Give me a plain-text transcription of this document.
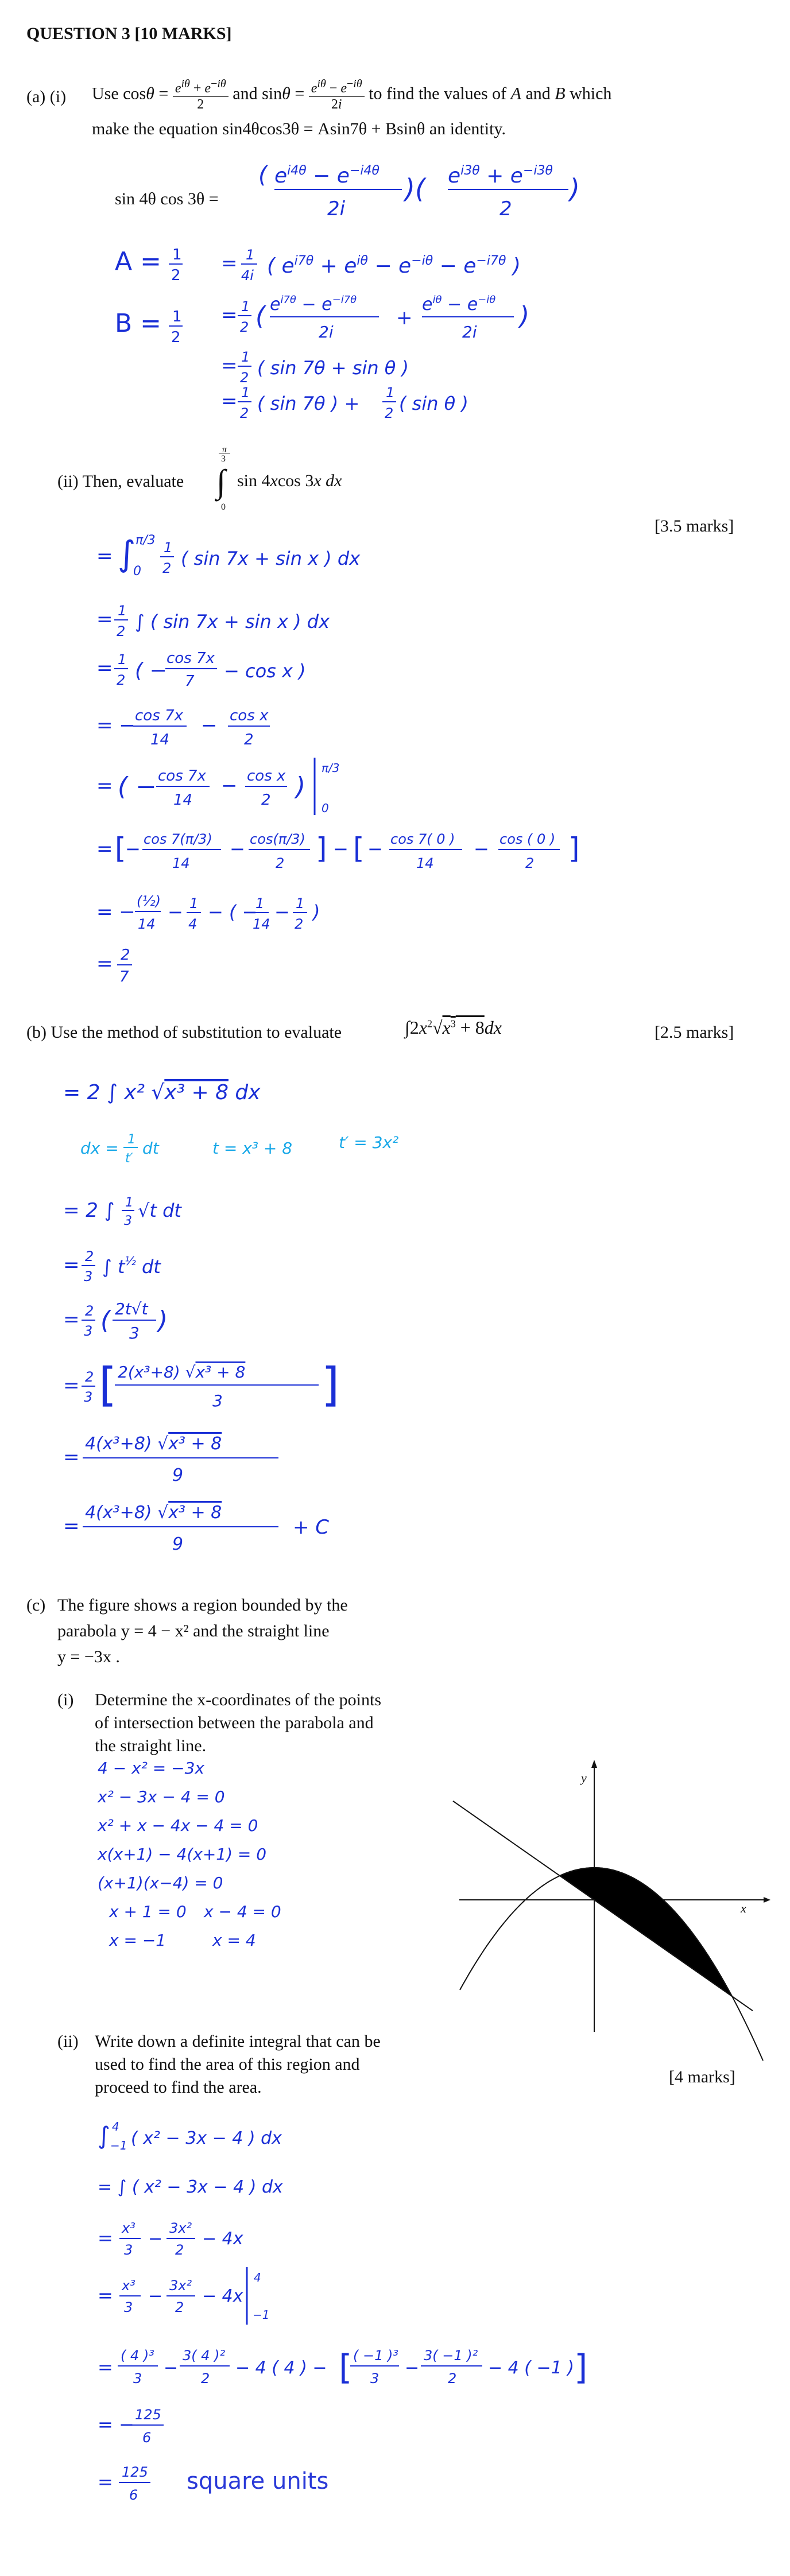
QUESTION 3 [10 MARKS]
(a) (i) Use $\cos\theta = e^{i\theta} + e^{-i\theta}$
2
and $\sin\theta = e^{i\theta} - e^{-i\theta}$
2i
to find the values of A and B which
make the equation sin4θcos3θ = Asin7θ + Bsinθ an identity.
sin 4θ cos 3θ =
( $e^{i4\theta} - e^{-i4\theta}$
2i
)( $e^{i3\theta} + e^{-i3\theta}$
2
)
A = 1
2
= 1
4i ( $e^{i7\theta} + e^{i\theta} - e^{-i\theta} - e^{-i7\theta}$ )
B = 1
2
= 1
2 ( $e^{i7\theta} - e^{-i7\theta}$
2i
+
$e^{i\theta} - e^{-i\theta}$
2i
)
= 1
2 ( sin 7θ + sin θ )
= 1
2 ( sin 7θ ) + 1
2 ( sin θ )
= ∫ π/3
0
1
2 ( sin 7x + sin x ) dx
= 1
2 ∫ ( sin 7x + sin x ) dx
= 1
2 ( −
cos 7x
7 − cos x )
= − cos 7x
14
− cos x
2
= ( − cos 7x
14
− cos x
2 )
π/3
0
= [
− cos 7(π/3)
14
− cos(π/3)
2 ] − [ − cos 7( 0 )
14
− cos ( 0 )
2 ]
= − (½)
14
− 1
4
− ( −
1
14
− 1
2
)
= 2
7
= 2 ∫ x² √x³ + 8 dx
dx = 1
t′
dt	t = x³ + 8	t′ = 3x²
= 2 ∫ 1
3 √t dt
= 2
3 ∫ $t^{\frac{1}{2}}$ dt
= 2
3 ( 2t√t
3 )
= 2
3 [ 2(x³+8) √x³ + 8
3 ]
=
4(x³+8) √x³ + 8
9
=
4(x³+8) √x³ + 8
9
+ C
4 − x² = −3x
x² − 3x − 4 = 0
x² + x − 4x − 4 = 0
x(x+1) − 4(x+1) = 0
(x+1)(x−4) = 0
x + 1 = 0 x − 4 = 0
x = −1	x = 4
∫ 4
−1 ( x² − 3x − 4 ) dx
= ∫ ( x² − 3x − 4 ) dx
= x³
3
−
3x²
2
− 4x
= x³
3
−
3x²
2
− 4x
4
−1
=
( 4 )³
3
−
3( 4 )²
2
− 4 ( 4 ) − [ ( −1 )³
3
−
3( −1 )²
2
− 4 ( −1 ) ]
= − 125
6
= 125
6
(ii) Then, evaluate
π
3
∫
0
sin 4xcos 3x dx
[3.5 marks]
(b) Use the method of substitution to evaluate	$\int 2x^2√x^3 + 8dx$	[2.5 marks]
(c) The figure shows a region bounded by the
parabola y = 4 − x² and the straight line
y = −3x .
(i) Determine the x-coordinates of the points
of intersection between the parabola and
the straight line.
y
x
(ii) Write down a definite integral that can be
used to find the area of this region and
proceed to find the area.
[4 marks]
square units
